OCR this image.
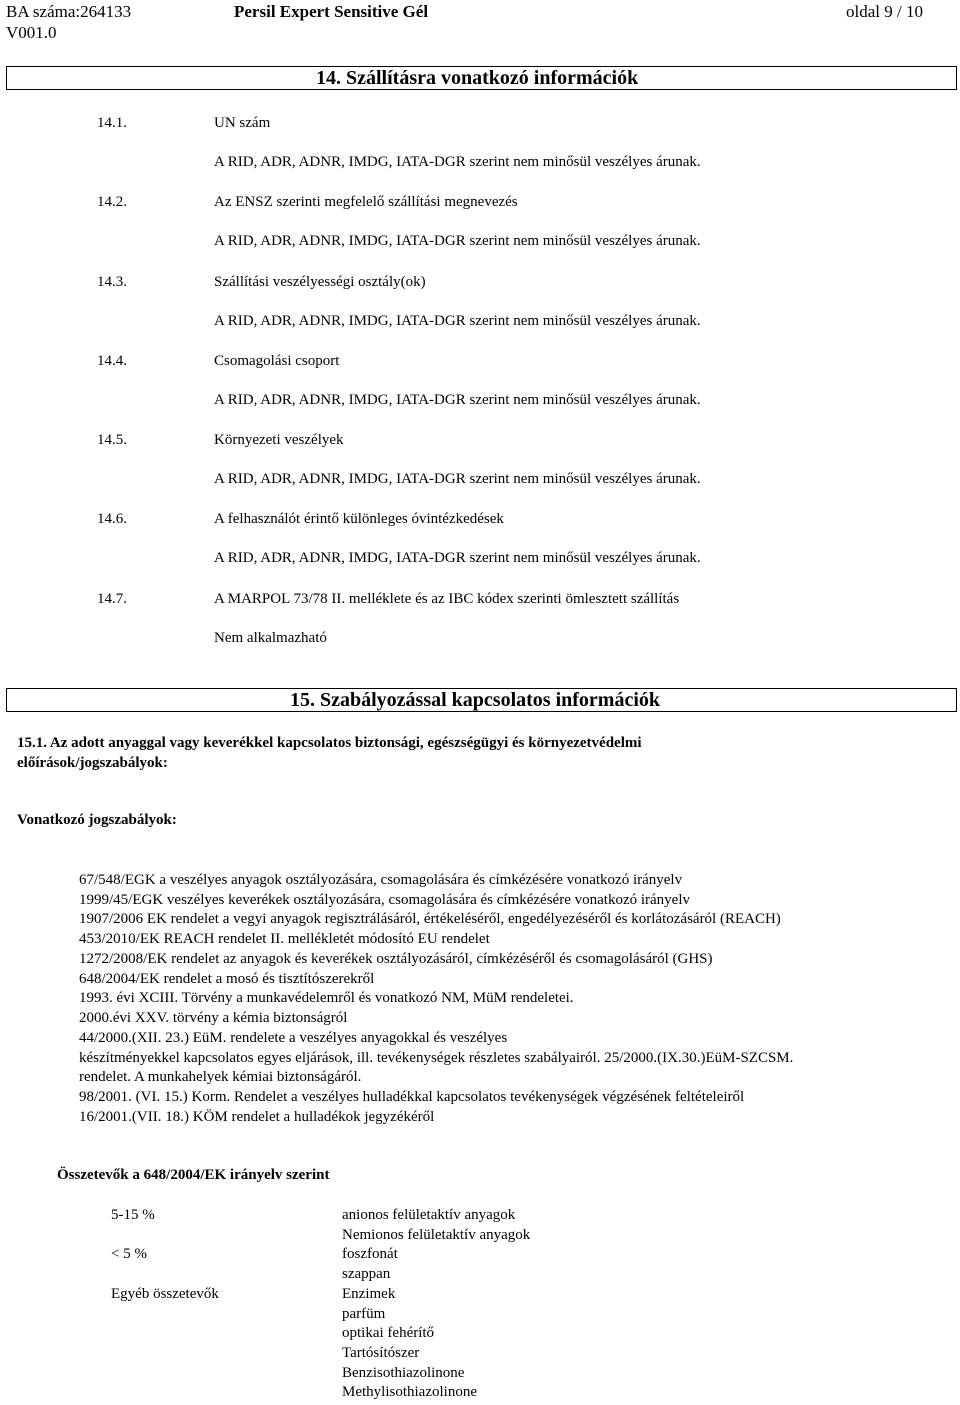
BA száma:264133
V001.0
Persil Expert Sensitive Gél	oldal 9 / 10
14. Szállításra vonatkozó információk
14.1.	UN szám
A RID, ADR, ADNR, IMDG, IATA-DGR szerint nem minősül veszélyes árunak.
14.2.	Az ENSZ szerinti megfelelő szállítási megnevezés
A RID, ADR, ADNR, IMDG, IATA-DGR szerint nem minősül veszélyes árunak.
14.3.	Szállítási veszélyességi osztály(ok)
A RID, ADR, ADNR, IMDG, IATA-DGR szerint nem minősül veszélyes árunak.
14.4.	Csomagolási csoport
A RID, ADR, ADNR, IMDG, IATA-DGR szerint nem minősül veszélyes árunak.
14.5.	Környezeti veszélyek
A RID, ADR, ADNR, IMDG, IATA-DGR szerint nem minősül veszélyes árunak.
14.6.	A felhasználót érintő különleges óvintézkedések
A RID, ADR, ADNR, IMDG, IATA-DGR szerint nem minősül veszélyes árunak.
14.7.	A MARPOL 73/78 II. melléklete és az IBC kódex szerinti ömlesztett szállítás
Nem alkalmazható
15. Szabályozással kapcsolatos információk
15.1. Az adott anyaggal vagy keverékkel kapcsolatos biztonsági, egészségügyi és környezetvédelmi
előírások/jogszabályok:
Vonatkozó jogszabályok:
67/548/EGK a veszélyes anyagok osztályozására, csomagolására és címkézésére vonatkozó irányelv
1999/45/EGK veszélyes keverékek osztályozására, csomagolására és címkézésére vonatkozó irányelv
1907/2006 EK rendelet a vegyi anyagok regisztrálásáról, értékeléséről, engedélyezéséről és korlátozásáról (REACH)
453/2010/EK REACH rendelet II. mellékletét módosító EU rendelet
1272/2008/EK rendelet az anyagok és keverékek osztályozásáról, címkézéséről és csomagolásáról (GHS)
648/2004/EK rendelet a mosó és tisztítószerekről
1993. évi XCIII. Törvény a munkavédelemről és vonatkozó NM, MüM rendeletei.
2000.évi XXV. törvény a kémia biztonságról
44/2000.(XII. 23.) EüM. rendelete a veszélyes anyagokkal és veszélyes
készítményekkel kapcsolatos egyes eljárások, ill. tevékenységek részletes szabályairól. 25/2000.(IX.30.)EüM-SZCSM.
rendelet. A munkahelyek kémiai biztonságáról.
98/2001. (VI. 15.) Korm. Rendelet a veszélyes hulladékkal kapcsolatos tevékenységek végzésének feltételeiről
16/2001.(VII. 18.) KÖM rendelet a hulladékok jegyzékéről
Összetevők a 648/2004/EK irányelv szerint
5-15 %	anionos felületaktív anyagok
Nemionos felületaktív anyagok
< 5 %	foszfonát
szappan
Egyéb összetevők	Enzimek
parfüm
optikai fehérítő
Tartósítószer
Benzisothiazolinone
Methylisothiazolinone
